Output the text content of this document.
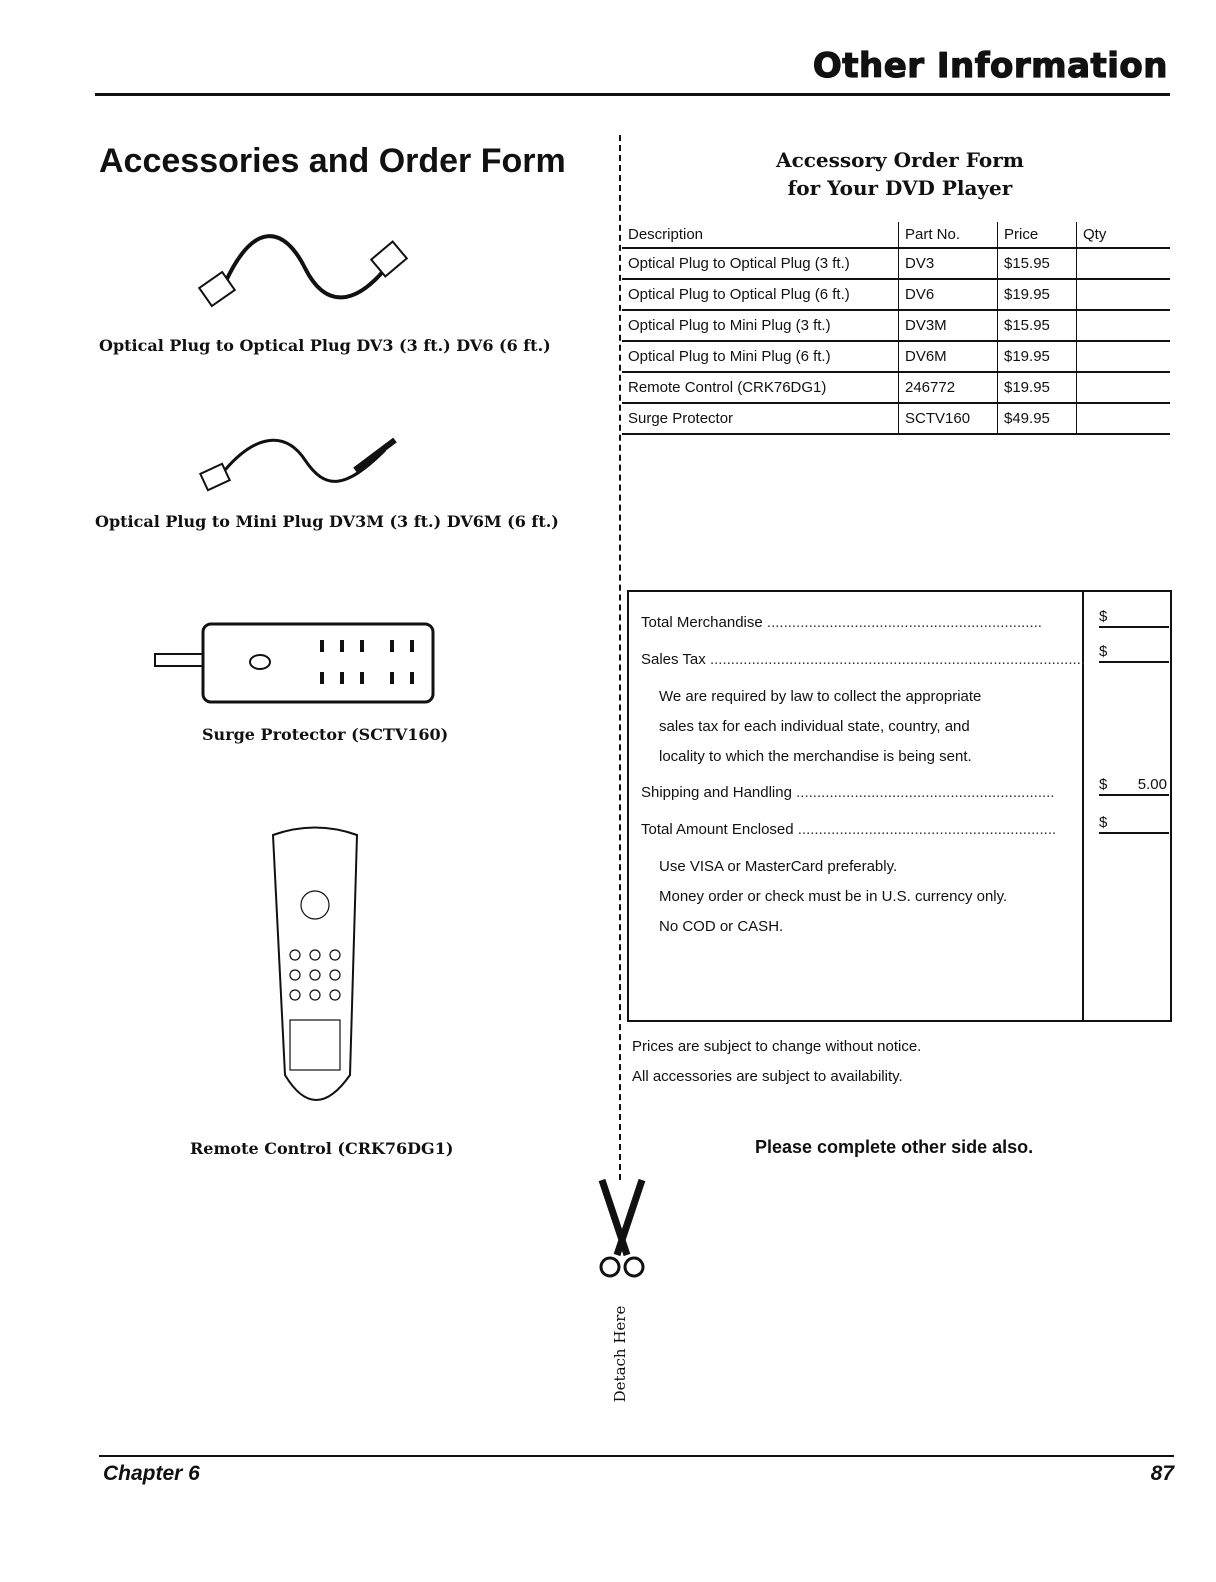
Other Information
Accessories and Order Form
Optical Plug to Optical Plug DV3 (3 ft.) DV6 (6 ft.)
Optical Plug to Mini Plug DV3M (3 ft.) DV6M (6 ft.)
Surge Protector (SCTV160)
Remote Control (CRK76DG1)
Detach Here
Accessory Order Form
for Your DVD Player
Description	Part No.	Price	Qty
Optical Plug to Optical Plug (3 ft.)	DV3	$15.95	
Optical Plug to Optical Plug (6 ft.)	DV6	$19.95	
Optical Plug to Mini Plug (3 ft.)	DV3M	$15.95	
Optical Plug to Mini Plug (6 ft.)	DV6M	$19.95	
Remote Control (CRK76DG1)	246772	$19.95	
Surge Protector	SCTV160	$49.95	
Total Merchandise ..................................................................	$
Sales Tax .......................................................................................... $
We are required by law to collect the appropriate
sales tax for each individual state, country, and
locality to which the merchandise is being sent.
Shipping and Handling ..............................................................	$ 5.00
Total Amount Enclosed ..............................................................	$
Use VISA or MasterCard preferably.
Money order or check must be in U.S. currency only.
No COD or CASH.
Prices are subject to change without notice.
All accessories are subject to availability.
Please complete other side also.
Chapter 6	87
